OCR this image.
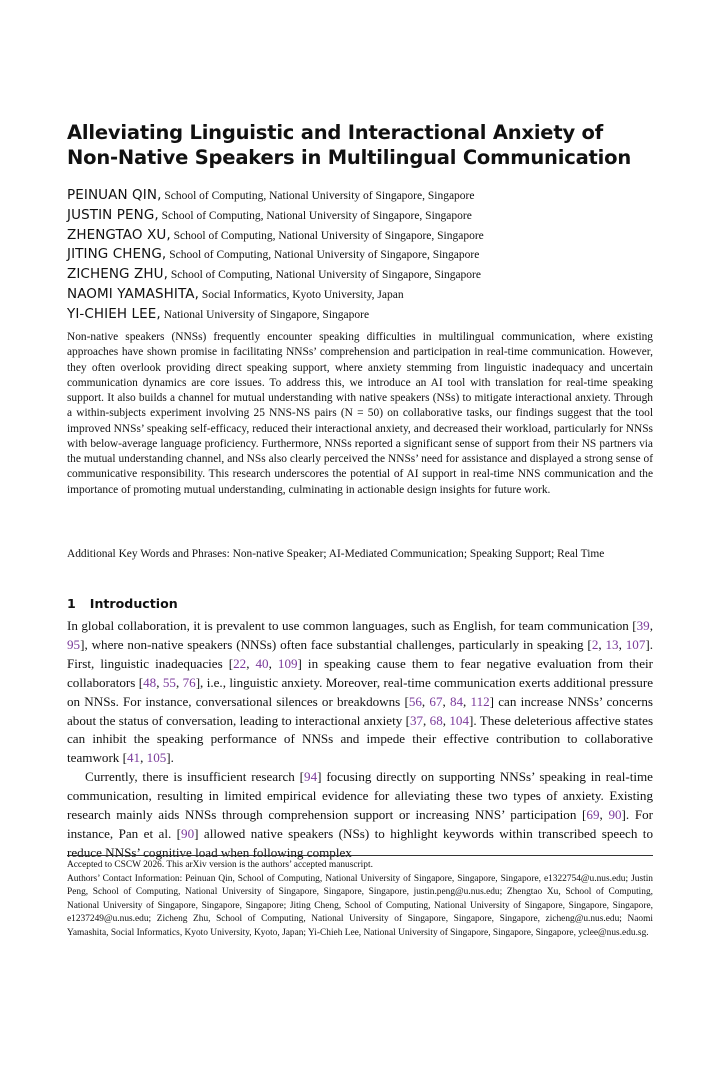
Alleviating Linguistic and Interactional Anxiety of
Non-Native Speakers in Multilingual Communication
PEINUAN QIN, School of Computing, National University of Singapore, Singapore
JUSTIN PENG, School of Computing, National University of Singapore, Singapore
ZHENGTAO XU, School of Computing, National University of Singapore, Singapore
JITING CHENG, School of Computing, National University of Singapore, Singapore
ZICHENG ZHU, School of Computing, National University of Singapore, Singapore
NAOMI YAMASHITA, Social Informatics, Kyoto University, Japan
YI-CHIEH LEE, National University of Singapore, Singapore
Non-native speakers (NNSs) frequently encounter speaking difficulties in multilingual communication, where existing approaches have shown promise in facilitating NNSs’ comprehension and participation in real-time communication. However, they often overlook providing direct speaking support, where anxiety stemming from linguistic inadequacy and uncertain communication dynamics are core issues. To address this, we introduce an AI tool with translation for real-time speaking support. It also builds a channel for mutual understanding with native speakers (NSs) to mitigate interactional anxiety. Through a within-subjects experiment involving 25 NNS-NS pairs (N = 50) on collaborative tasks, our findings suggest that the tool improved NNSs’ speaking self-efficacy, reduced their interactional anxiety, and decreased their workload, particularly for NNSs with below-average language proficiency. Furthermore, NNSs reported a significant sense of support from their NS partners via the mutual understanding channel, and NSs also clearly perceived the NNSs’ need for assistance and displayed a strong sense of communicative responsibility. This research underscores the potential of AI support in real-time NNS communication and the importance of promoting mutual understanding, culminating in actionable design insights for future work.
Additional Key Words and Phrases: Non-native Speaker; AI-Mediated Communication; Speaking Support; Real Time
1 Introduction

In global collaboration, it is prevalent to use common languages, such as English, for team communication [39, 95], where non-native speakers (NNSs) often face substantial challenges, particularly in speaking [2, 13, 107]. First, linguistic inadequacies [22, 40, 109] in speaking cause them to fear negative evaluation from their collaborators [48, 55, 76], i.e., linguistic anxiety. Moreover, real-time communication exerts additional pressure on NNSs. For instance, conversational silences or breakdowns [56, 67, 84, 112] can increase NNSs’ concerns about the status of conversation, leading to interactional anxiety [37, 68, 104]. These deleterious affective states can inhibit the speaking performance of NNSs and impede their effective contribution to collaborative teamwork [41, 105].

Currently, there is insufficient research [94] focusing directly on supporting NNSs’ speaking in real-time communication, resulting in limited empirical evidence for alleviating these two types of anxiety. Existing research mainly aids NNSs through comprehension support or increasing NNS’ participation [69, 90]. For instance, Pan et al. [90] allowed native speakers (NSs) to highlight keywords within transcribed speech to reduce NNSs’ cognitive load when following complex

Accepted to CSCW 2026. This arXiv version is the authors’ accepted manuscript.
Authors’ Contact Information: Peinuan Qin, School of Computing, National University of Singapore, Singapore, Singapore, e1322754@u.nus.edu; Justin Peng, School of Computing, National University of Singapore, Singapore, Singapore, justin.peng@u.nus.edu; Zhengtao Xu, School of Computing, National University of Singapore, Singapore, Singapore; Jiting Cheng, School of Computing, National University of Singapore, Singapore, Singapore, e1237249@u.nus.edu; Zicheng Zhu, School of Computing, National University of Singapore, Singapore, Singapore, zicheng@u.nus.edu; Naomi Yamashita, Social Informatics, Kyoto University, Kyoto, Japan; Yi-Chieh Lee, National University of Singapore, Singapore, Singapore, yclee@nus.edu.sg.
